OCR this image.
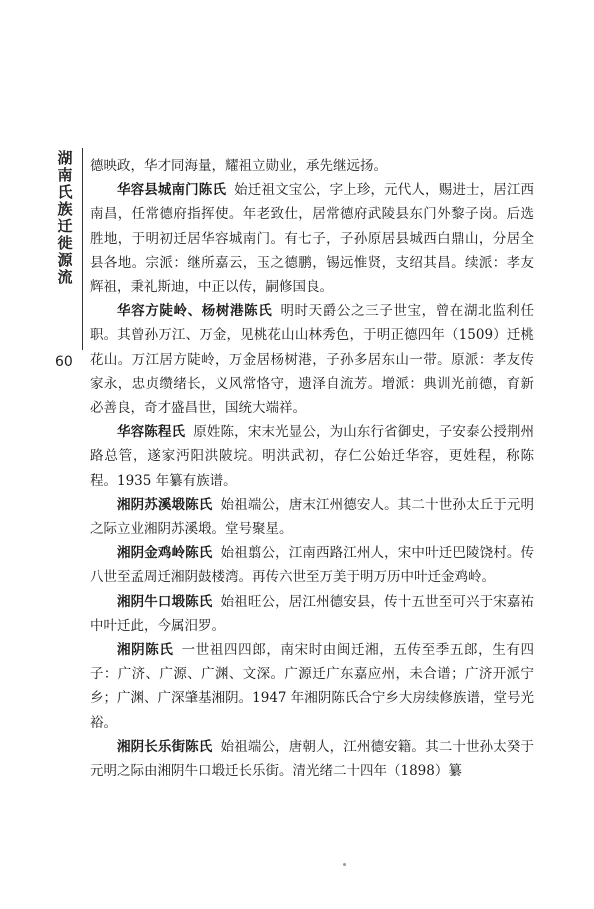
湖
南
氏
族
迁
徙
源
流
60

德映政，华才同海量，耀祖立勋业，承先继远扬。

华容县城南门陈氏 始迁祖文宝公，字上珍，元代人，赐进士，居江西南昌，任常德府指挥使。年老致仕，居常德府武陵县东门外黎子岗。后选胜地，于明初迁居华容城南门。有七子，子孙原居县城西白鼎山，分居全县各地。宗派：继所嘉云，玉之德鹏，锡远惟贤，支绍其昌。续派：孝友辉祖，秉礼斯迪，中正以传，嗣修国良。

华容方陡岭、杨树港陈氏 明时天爵公之三子世宝，曾在湖北监利任职。其曾孙万江、万金，见桃花山山林秀色，于明正德四年（1509）迁桃花山。万江居方陡岭，万金居杨树港，子孙多居东山一带。原派：孝友传家永，忠贞缵绪长，义风常恪守，遗泽自流芳。增派：典训光前德，育新必善良，奇才盛昌世，国统大端祥。

华容陈程氏 原姓陈，宋末光显公，为山东行省御史，子安泰公授荆州路总管，遂家沔阳洪陂垸。明洪武初，存仁公始迁华容，更姓程，称陈程。1935 年纂有族谱。

湘阴苏溪塅陈氏 始祖端公，唐末江州德安人。其二十世孙太丘于元明之际立业湘阴苏溪塅。堂号聚星。

湘阴金鸡岭陈氏 始祖翦公，江南西路江州人，宋中叶迁巴陵饶村。传八世至孟周迁湘阴鼓楼湾。再传六世至万美于明万历中叶迁金鸡岭。

湘阴牛口塅陈氏 始祖旺公，居江州德安县，传十五世至可兴于宋嘉祐中叶迁此，今属汨罗。

湘阴陈氏 一世祖四四郎，南宋时由闽迁湘，五传至季五郎，生有四子：广济、广源、广渊、文深。广源迁广东嘉应州，未合谱；广济开派宁乡；广渊、广深肇基湘阴。1947 年湘阴陈氏合宁乡大房续修族谱，堂号光裕。

湘阴长乐街陈氏 始祖端公，唐朝人，江州德安籍。其二十世孙太癸于元明之际由湘阴牛口塅迁长乐街。清光绪二十四年（1898）纂
